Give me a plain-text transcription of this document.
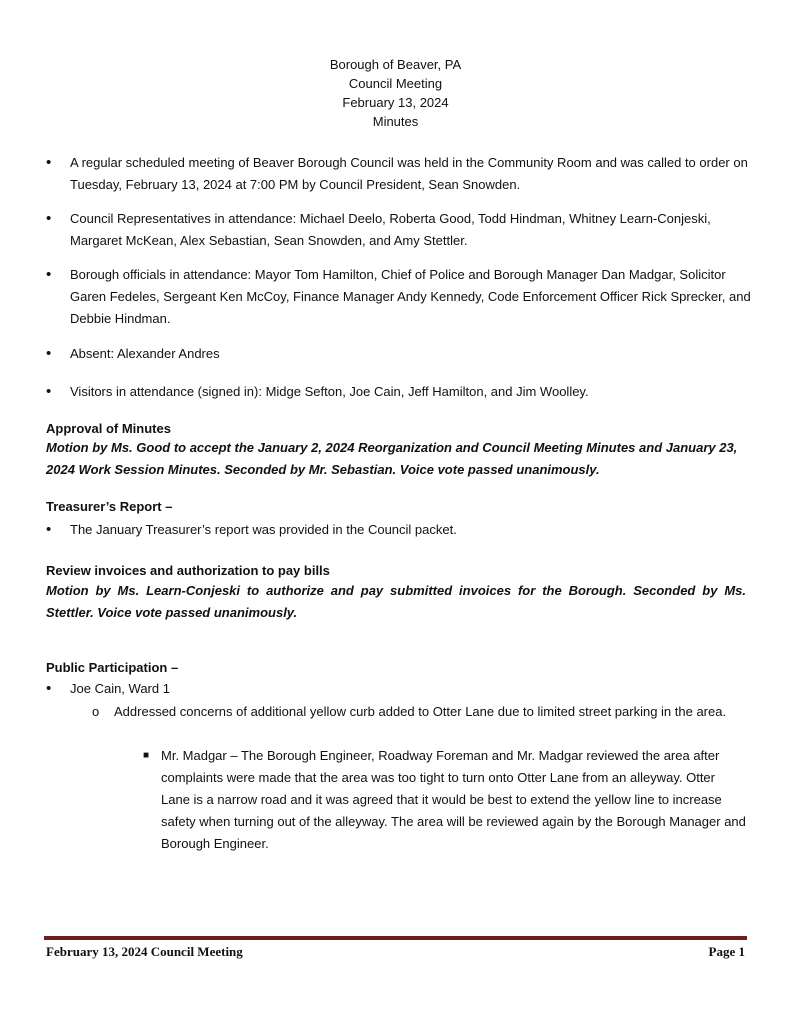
Borough of Beaver, PA
Council Meeting
February 13, 2024
Minutes
•	A regular scheduled meeting of Beaver Borough Council was held in the Community Room and was called to order on Tuesday, February 13, 2024 at 7:00 PM by Council President, Sean Snowden.
•	Council Representatives in attendance: Michael Deelo, Roberta Good, Todd Hindman, Whitney Learn-Conjeski, Margaret McKean, Alex Sebastian, Sean Snowden, and Amy Stettler.
•	Borough officials in attendance: Mayor Tom Hamilton, Chief of Police and Borough Manager Dan Madgar, Solicitor Garen Fedeles, Sergeant Ken McCoy, Finance Manager Andy Kennedy, Code Enforcement Officer Rick Sprecker, and Debbie Hindman.
•	Absent: Alexander Andres
•	Visitors in attendance (signed in): Midge Sefton, Joe Cain, Jeff Hamilton, and Jim Woolley.
Approval of Minutes
Motion by Ms. Good to accept the January 2, 2024 Reorganization and Council Meeting Minutes and January 23, 2024 Work Session Minutes. Seconded by Mr. Sebastian. Voice vote passed unanimously.
Treasurer’s Report –
•	The January Treasurer’s report was provided in the Council packet.
Review invoices and authorization to pay bills
Motion by Ms. Learn-Conjeski to authorize and pay submitted invoices for the Borough. Seconded by Ms. Stettler. Voice vote passed unanimously.
Public Participation –
•	Joe Cain, Ward 1
o Addressed concerns of additional yellow curb added to Otter Lane due to limited street parking in the area.
■ Mr. Madgar – The Borough Engineer, Roadway Foreman and Mr. Madgar reviewed the area after complaints were made that the area was too tight to turn onto Otter Lane from an alleyway. Otter Lane is a narrow road and it was agreed that it would be best to extend the yellow line to increase safety when turning out of the alleyway. The area will be reviewed again by the Borough Manager and Borough Engineer.
February 13, 2024 Council Meeting	Page 1
